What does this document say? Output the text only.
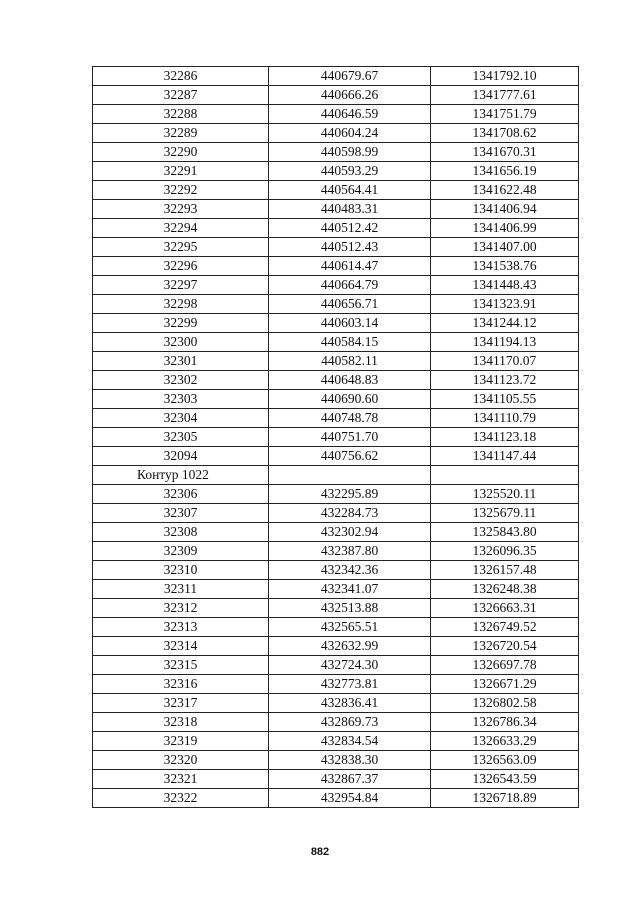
32286	440679.67	1341792.10
32287	440666.26	1341777.61
32288	440646.59	1341751.79
32289	440604.24	1341708.62
32290	440598.99	1341670.31
32291	440593.29	1341656.19
32292	440564.41	1341622.48
32293	440483.31	1341406.94
32294	440512.42	1341406.99
32295	440512.43	1341407.00
32296	440614.47	1341538.76
32297	440664.79	1341448.43
32298	440656.71	1341323.91
32299	440603.14	1341244.12
32300	440584.15	1341194.13
32301	440582.11	1341170.07
32302	440648.83	1341123.72
32303	440690.60	1341105.55
32304	440748.78	1341110.79
32305	440751.70	1341123.18
32094	440756.62	1341147.44
Контур 1022		
32306	432295.89	1325520.11
32307	432284.73	1325679.11
32308	432302.94	1325843.80
32309	432387.80	1326096.35
32310	432342.36	1326157.48
32311	432341.07	1326248.38
32312	432513.88	1326663.31
32313	432565.51	1326749.52
32314	432632.99	1326720.54
32315	432724.30	1326697.78
32316	432773.81	1326671.29
32317	432836.41	1326802.58
32318	432869.73	1326786.34
32319	432834.54	1326633.29
32320	432838.30	1326563.09
32321	432867.37	1326543.59
32322	432954.84	1326718.89
882
